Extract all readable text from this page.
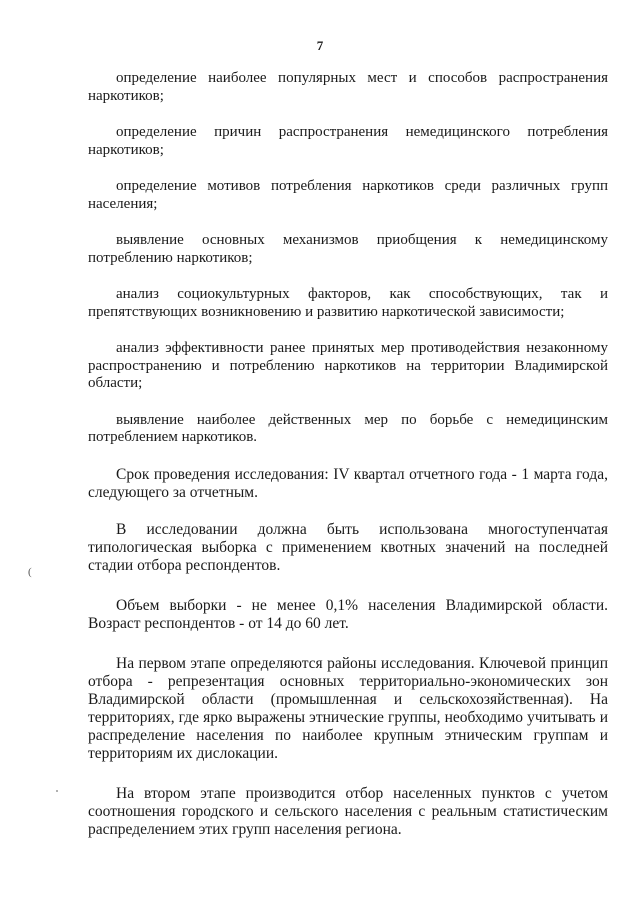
7
(

определение наиболее популярных мест и способов распространения наркотиков;

определение причин распространения немедицинского потребления наркотиков;

определение мотивов потребления наркотиков среди различных групп населения;

выявление основных механизмов приобщения к немедицинскому потреблению наркотиков;

анализ социокультурных факторов, как способствующих, так и препятствующих возникновению и развитию наркотической зависимости;

анализ эффективности ранее принятых мер противодействия незаконному распространению и потреблению наркотиков на территории Владимирской области;

выявление наиболее действенных мер по борьбе с немедицинским потреблением наркотиков.

Срок проведения исследования: IV квартал отчетного года - 1 марта года, следующего за отчетным.

В исследовании должна быть использована многоступенчатая типологическая выборка с применением квотных значений на последней стадии отбора респондентов.

Объем выборки - не менее 0,1% населения Владимирской области. Возраст респондентов - от 14 до 60 лет.

На первом этапе определяются районы исследования. Ключевой принцип отбора - репрезентация основных территориально-экономических зон Владимирской области (промышленная и сельскохозяйственная). На территориях, где ярко выражены этнические группы, необходимо учитывать и распределение населения по наиболее крупным этническим группам и территориям их дислокации.

На втором этапе производится отбор населенных пунктов с учетом соотношения городского и сельского населения с реальным статистическим распределением этих групп населения региона.
